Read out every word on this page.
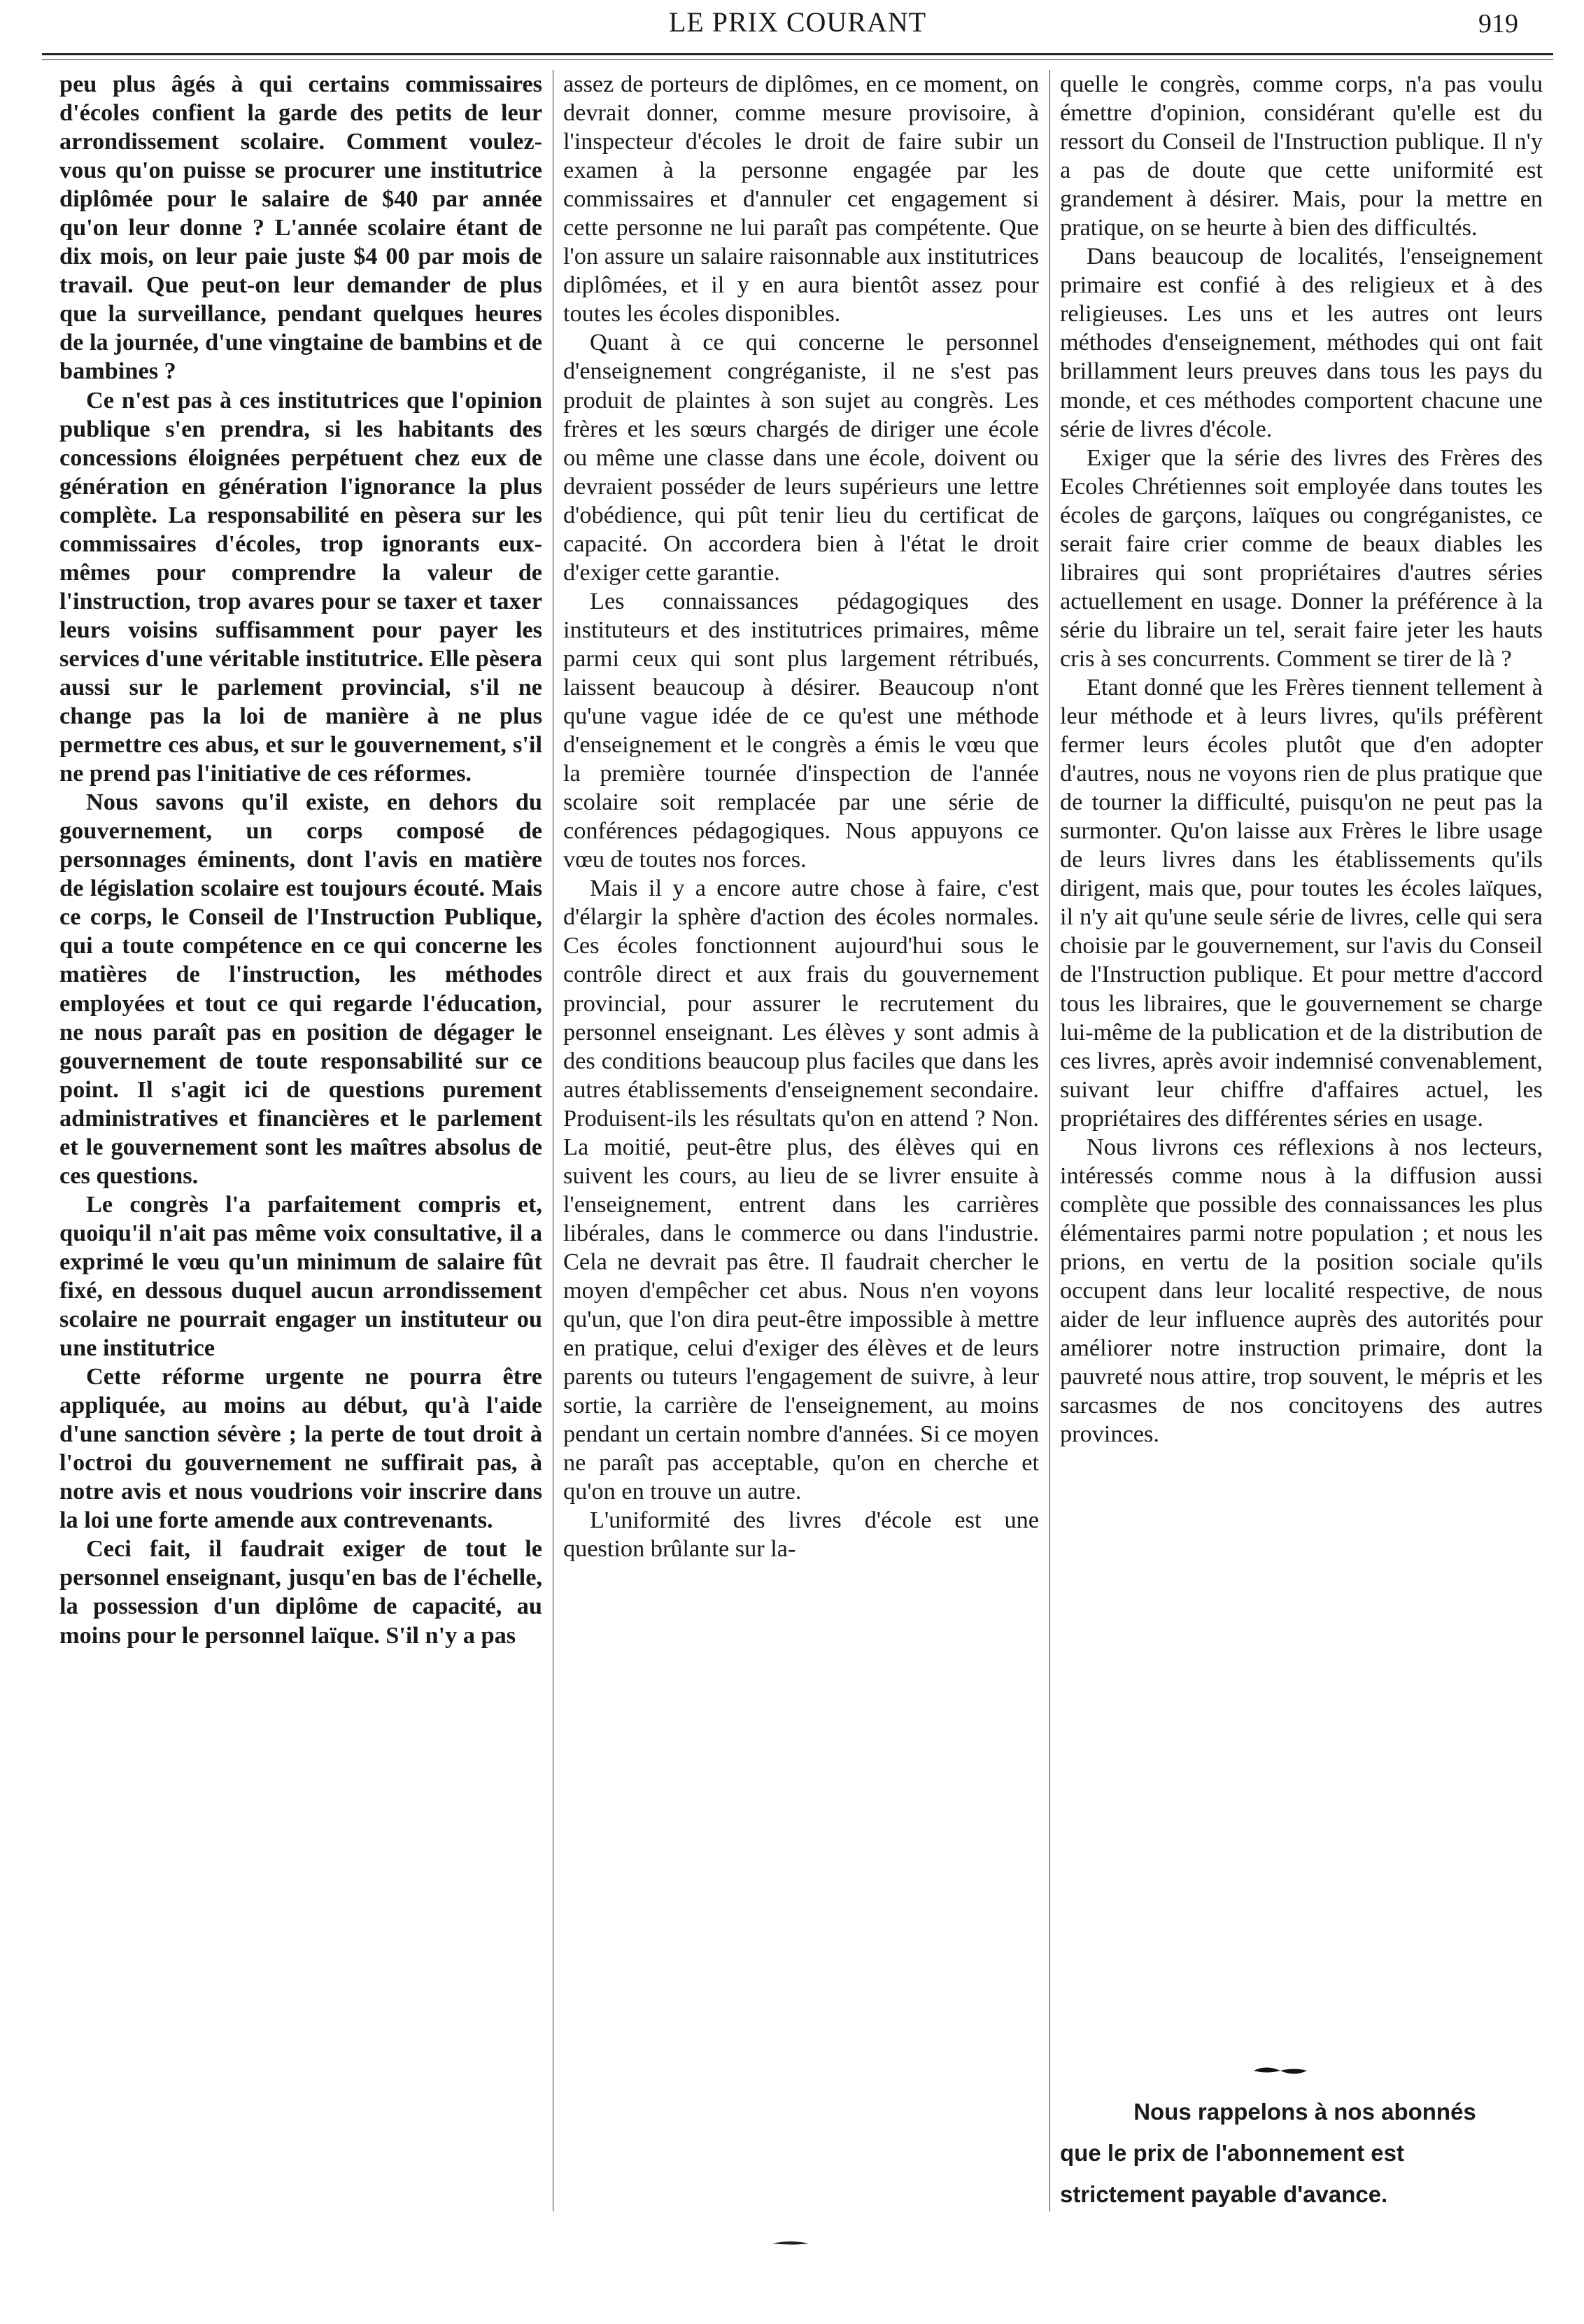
LE PRIX COURANT	919

peu plus âgés à qui certains commissaires d'écoles confient la garde des petits de leur arrondissement scolaire. Comment voulez-vous qu'on puisse se procurer une institutrice diplômée pour le salaire de $40 par année qu'on leur donne ? L'année scolaire étant de dix mois, on leur paie juste $4 00 par mois de travail. Que peut-on leur demander de plus que la surveillance, pendant quelques heures de la journée, d'une vingtaine de bambins et de bambines ?

Ce n'est pas à ces institutrices que l'opinion publique s'en prendra, si les habitants des concessions éloignées perpétuent chez eux de génération en génération l'ignorance la plus complète. La responsabilité en pèsera sur les commissaires d'écoles, trop ignorants eux-mêmes pour comprendre la valeur de l'instruction, trop avares pour se taxer et taxer leurs voisins suffisamment pour payer les services d'une véritable institutrice. Elle pèsera aussi sur le parlement provincial, s'il ne change pas la loi de manière à ne plus permettre ces abus, et sur le gouvernement, s'il ne prend pas l'initiative de ces réformes.

Nous savons qu'il existe, en dehors du gouvernement, un corps composé de personnages éminents, dont l'avis en matière de législation scolaire est toujours écouté. Mais ce corps, le Conseil de l'Instruction Publique, qui a toute compétence en ce qui concerne les matières de l'instruction, les méthodes employées et tout ce qui regarde l'éducation, ne nous paraît pas en position de dégager le gouvernement de toute responsabilité sur ce point. Il s'agit ici de questions purement administratives et financières et le parlement et le gouvernement sont les maîtres absolus de ces questions.

Le congrès l'a parfaitement compris et, quoiqu'il n'ait pas même voix consultative, il a exprimé le vœu qu'un minimum de salaire fût fixé, en dessous duquel aucun arrondissement scolaire ne pourrait engager un instituteur ou une institutrice

Cette réforme urgente ne pourra être appliquée, au moins au début, qu'à l'aide d'une sanction sévère ; la perte de tout droit à l'octroi du gouvernement ne suffirait pas, à notre avis et nous voudrions voir inscrire dans la loi une forte amende aux contrevenants.

Ceci fait, il faudrait exiger de tout le personnel enseignant, jusqu'en bas de l'échelle, la possession d'un diplôme de capacité, au moins pour le personnel laïque. S'il n'y a pas

assez de porteurs de diplômes, en ce moment, on devrait donner, comme mesure provisoire, à l'inspecteur d'écoles le droit de faire subir un examen à la personne engagée par les commissaires et d'annuler cet engagement si cette personne ne lui paraît pas compétente. Que l'on assure un salaire raisonnable aux institutrices diplômées, et il y en aura bientôt assez pour toutes les écoles disponibles.

Quant à ce qui concerne le personnel d'enseignement congréganiste, il ne s'est pas produit de plaintes à son sujet au congrès. Les frères et les sœurs chargés de diriger une école ou même une classe dans une école, doivent ou devraient posséder de leurs supérieurs une lettre d'obédience, qui pût tenir lieu du certificat de capacité. On accordera bien à l'état le droit d'exiger cette garantie.

Les connaissances pédagogiques des instituteurs et des institutrices primaires, même parmi ceux qui sont plus largement rétribués, laissent beaucoup à désirer. Beaucoup n'ont qu'une vague idée de ce qu'est une méthode d'enseignement et le congrès a émis le vœu que la première tournée d'inspection de l'année scolaire soit remplacée par une série de conférences pédagogiques. Nous appuyons ce vœu de toutes nos forces.

Mais il y a encore autre chose à faire, c'est d'élargir la sphère d'action des écoles normales. Ces écoles fonctionnent aujourd'hui sous le contrôle direct et aux frais du gouvernement provincial, pour assurer le recrutement du personnel enseignant. Les élèves y sont admis à des conditions beaucoup plus faciles que dans les autres établissements d'enseignement secondaire. Produisent-ils les résultats qu'on en attend ? Non. La moitié, peut-être plus, des élèves qui en suivent les cours, au lieu de se livrer ensuite à l'enseignement, entrent dans les carrières libérales, dans le commerce ou dans l'industrie. Cela ne devrait pas être. Il faudrait chercher le moyen d'empêcher cet abus. Nous n'en voyons qu'un, que l'on dira peut-être impossible à mettre en pratique, celui d'exiger des élèves et de leurs parents ou tuteurs l'engagement de suivre, à leur sortie, la carrière de l'enseignement, au moins pendant un certain nombre d'années. Si ce moyen ne paraît pas acceptable, qu'on en cherche et qu'on en trouve un autre.

L'uniformité des livres d'école est une question brûlante sur la-

quelle le congrès, comme corps, n'a pas voulu émettre d'opinion, considérant qu'elle est du ressort du Conseil de l'Instruction publique. Il n'y a pas de doute que cette uniformité est grandement à désirer. Mais, pour la mettre en pratique, on se heurte à bien des difficultés.

Dans beaucoup de localités, l'enseignement primaire est confié à des religieux et à des religieuses. Les uns et les autres ont leurs méthodes d'enseignement, méthodes qui ont fait brillamment leurs preuves dans tous les pays du monde, et ces méthodes comportent chacune une série de livres d'école.

Exiger que la série des livres des Frères des Ecoles Chrétiennes soit employée dans toutes les écoles de garçons, laïques ou congréganistes, ce serait faire crier comme de beaux diables les libraires qui sont propriétaires d'autres séries actuellement en usage. Donner la préférence à la série du libraire un tel, serait faire jeter les hauts cris à ses concurrents. Comment se tirer de là ?

Etant donné que les Frères tiennent tellement à leur méthode et à leurs livres, qu'ils préfèrent fermer leurs écoles plutôt que d'en adopter d'autres, nous ne voyons rien de plus pratique que de tourner la difficulté, puisqu'on ne peut pas la surmonter. Qu'on laisse aux Frères le libre usage de leurs livres dans les établissements qu'ils dirigent, mais que, pour toutes les écoles laïques, il n'y ait qu'une seule série de livres, celle qui sera choisie par le gouvernement, sur l'avis du Conseil de l'Instruction publique. Et pour mettre d'accord tous les libraires, que le gouvernement se charge lui-même de la publication et de la distribution de ces livres, après avoir indemnisé convenablement, suivant leur chiffre d'affaires actuel, les propriétaires des différentes séries en usage.

Nous livrons ces réflexions à nos lecteurs, intéressés comme nous à la diffusion aussi complète que possible des connaissances les plus élémentaires parmi notre population ; et nous les prions, en vertu de la position sociale qu'ils occupent dans leur localité respective, de nous aider de leur influence auprès des autorités pour améliorer notre instruction primaire, dont la pauvreté nous attire, trop souvent, le mépris et les sarcasmes de nos concitoyens des autres provinces.

Nous rappelons à nos abonnés

que le prix de l'abonnement est

strictement payable d'avance.
